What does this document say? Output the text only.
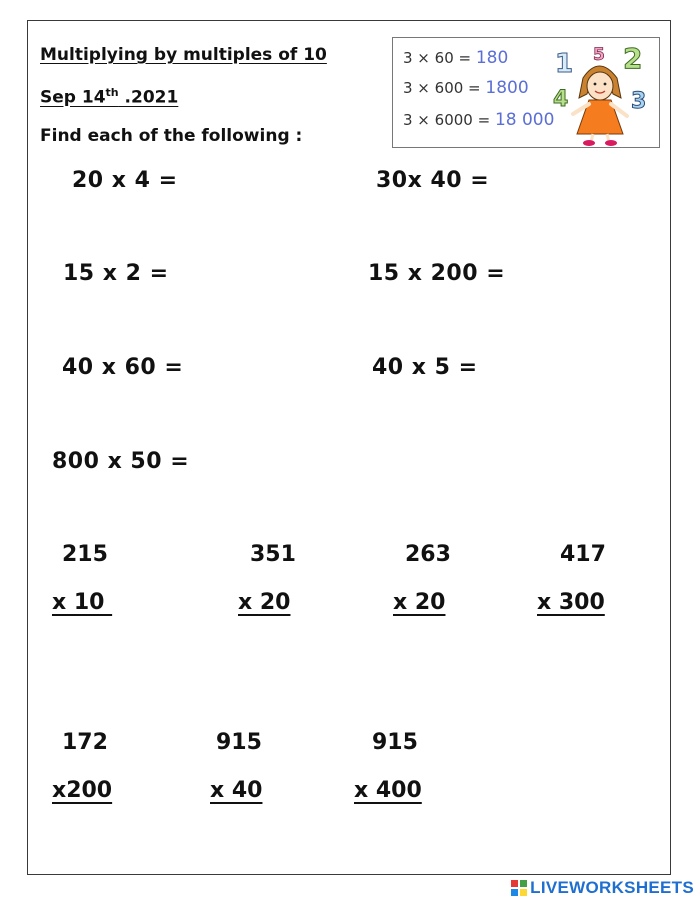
Multiplying by multiples of 10
Sep 14th .2021
Find each of the following :
3 × 60 = 180
3 × 600 = 1800
3 × 6000 = 18 000
1 5 2
4	3
20 x 4 =	30x 40 =
15 x 2 =	15 x 200 =
40 x 60 =	40 x 5 =
800 x 50 =
215
x 10
351
x 20
263
x 20
417
x 300
172
x200
915
x 40
915
x 400
LIVEWORKSHEETS
